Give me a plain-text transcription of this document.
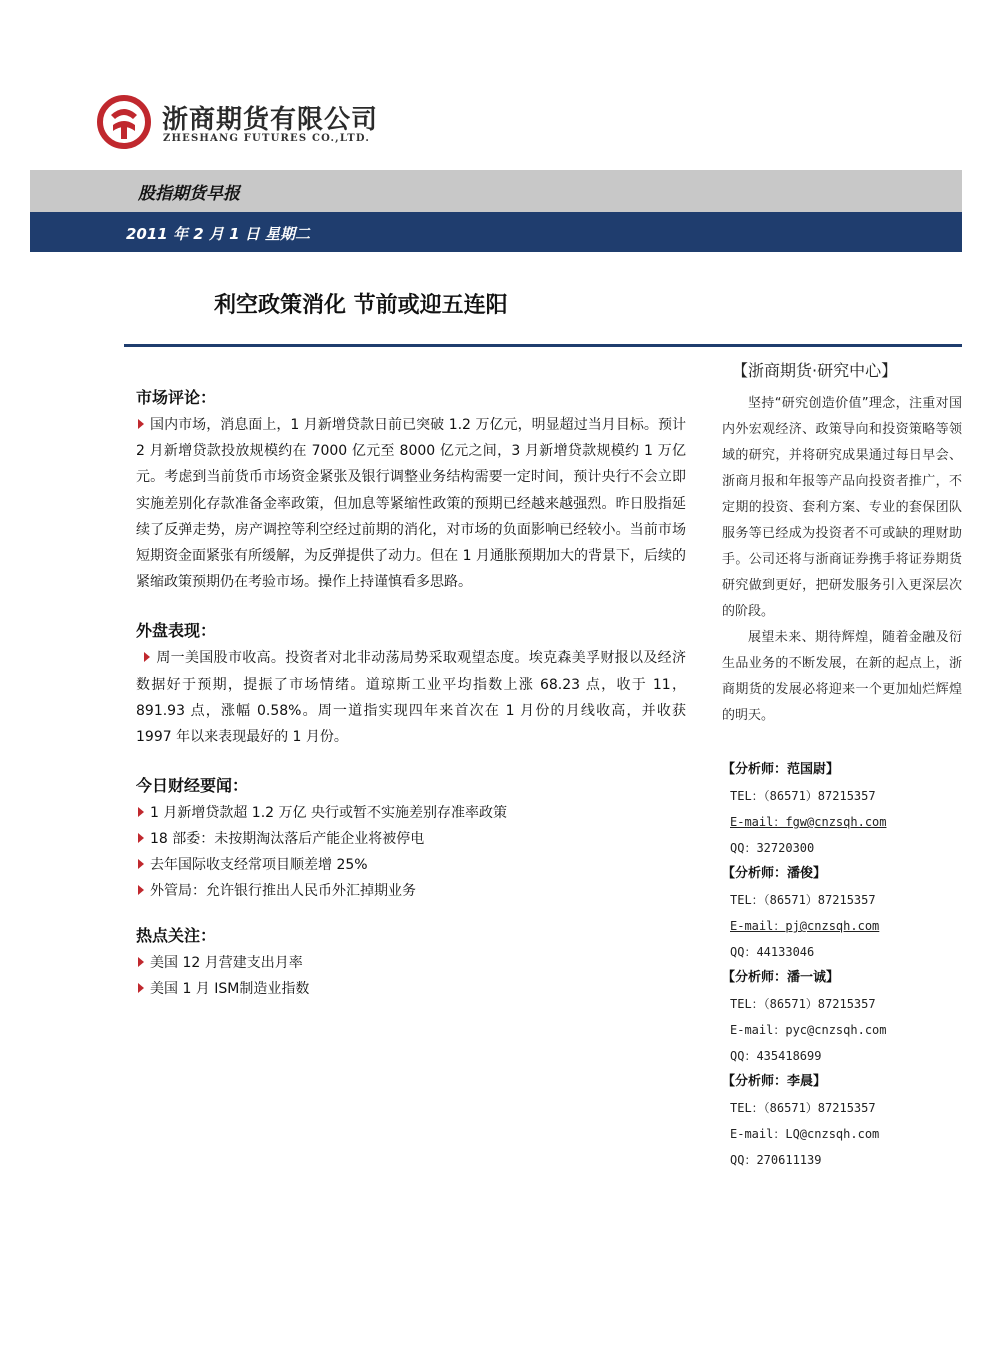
浙商期货有限公司
ZHESHANG FUTURES CO.,LTD.
股指期货早报
2011 年 2 月 1 日 星期二
利空政策消化 节前或迎五连阳

市场评论：

国内市场，消息面上，1 月新增贷款日前已突破 1.2 万亿元，明显超过当月目标。预计 2 月新增贷款投放规模约在 7000 亿元至 8000 亿元之间，3 月新增贷款规模约 1 万亿元。考虑到当前货币市场资金紧张及银行调整业务结构需要一定时间，预计央行不会立即实施差别化存款准备金率政策，但加息等紧缩性政策的预期已经越来越强烈。昨日股指延续了反弹走势，房产调控等利空经过前期的消化，对市场的负面影响已经较小。当前市场短期资金面紧张有所缓解，为反弹提供了动力。但在 1 月通胀预期加大的背景下，后续的紧缩政策预期仍在考验市场。操作上持谨慎看多思路。

外盘表现：

周一美国股市收高。投资者对北非动荡局势采取观望态度。埃克森美孚财报以及经济数据好于预期，提振了市场情绪。道琼斯工业平均指数上涨 68.23 点，收于 11，891.93 点，涨幅 0.58%。周一道指实现四年来首次在 1 月份的月线收高，并收获 1997 年以来表现最好的 1 月份。

今日财经要闻：

1 月新增贷款超 1.2 万亿 央行或暂不实施差别存准率政策

18 部委：未按期淘汰落后产能企业将被停电

去年国际收支经常项目顺差增 25%

外管局：允许银行推出人民币外汇掉期业务

热点关注：

美国 12 月营建支出月率

美国 1 月 ISM制造业指数

【浙商期货·研究中心】

坚持“研究创造价值”理念，注重对国内外宏观经济、政策导向和投资策略等领域的研究，并将研究成果通过每日早会、浙商月报和年报等产品向投资者推广，不定期的投资、套利方案、专业的套保团队服务等已经成为投资者不可或缺的理财助手。公司还将与浙商证券携手将证券期货研究做到更好，把研发服务引入更深层次的阶段。

展望未来、期待辉煌，随着金融及衍生品业务的不断发展，在新的起点上，浙商期货的发展必将迎来一个更加灿烂辉煌的明天。

【分析师：范国尉】

TEL：（86571）87215357

E-mail：fgw@cnzsqh.com

QQ：32720300

【分析师：潘俊】

TEL：（86571）87215357

E-mail：pj@cnzsqh.com

QQ：44133046

【分析师：潘一诚】

TEL：（86571）87215357

E-mail：pyc@cnzsqh.com

QQ：435418699

【分析师：李晨】

TEL：（86571）87215357

E-mail：LQ@cnzsqh.com

QQ：270611139
